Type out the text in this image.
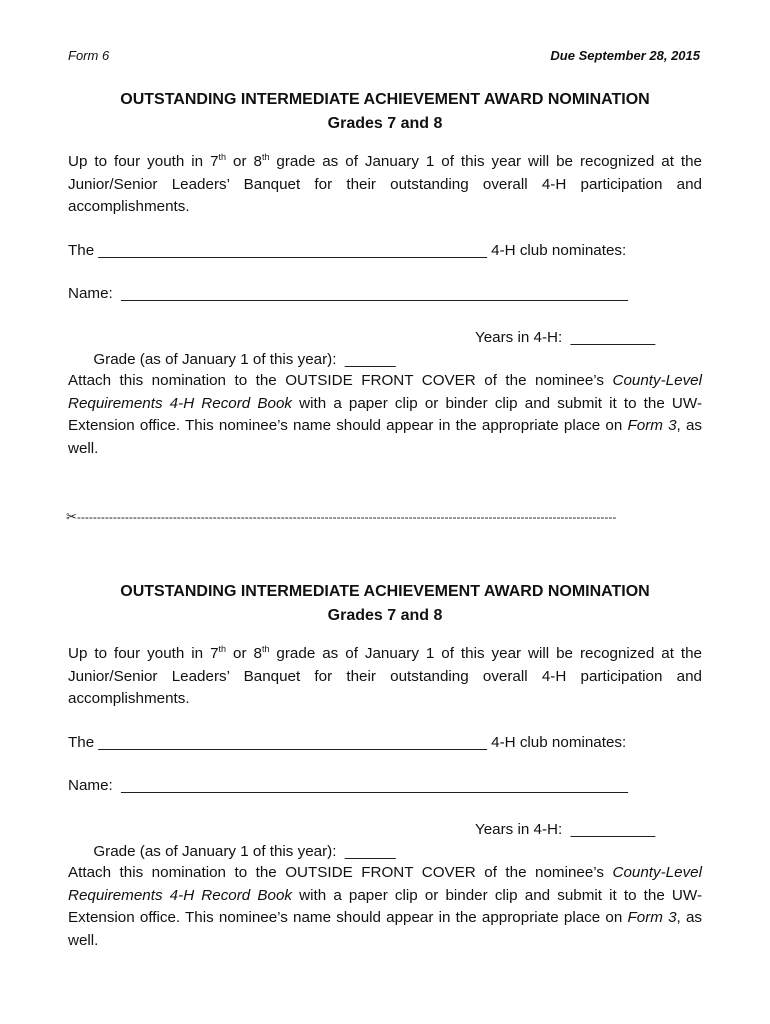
Form 6	Due September 28, 2015

OUTSTANDING INTERMEDIATE ACHIEVEMENT AWARD NOMINATION

Grades 7 and 8

Up to four youth in 7th or 8th grade as of January 1 of this year will be recognized at the Junior/Senior Leaders’ Banquet for their outstanding overall 4-H participation and accomplishments.

The ______________________________________________ 4-H club nominates:

Name:  ____________________________________________________________

Grade (as of January 1 of this year):  ______

Years in 4-H:  __________

Attach this nomination to the OUTSIDE FRONT COVER of the nominee’s County-Level Requirements 4-H Record Book with a paper clip or binder clip and submit it to the UW-Extension office. This nominee’s name should appear in the appropriate place on Form 3, as well.

✂---------------------------------------------------------------------------------------------------------------------------------------

OUTSTANDING INTERMEDIATE ACHIEVEMENT AWARD NOMINATION

Grades 7 and 8

Up to four youth in 7th or 8th grade as of January 1 of this year will be recognized at the Junior/Senior Leaders’ Banquet for their outstanding overall 4-H participation and accomplishments.

The ______________________________________________ 4-H club nominates:

Name:  ____________________________________________________________

Grade (as of January 1 of this year):  ______

Years in 4-H:  __________

Attach this nomination to the OUTSIDE FRONT COVER of the nominee’s County-Level Requirements 4-H Record Book with a paper clip or binder clip and submit it to the UW-Extension office. This nominee’s name should appear in the appropriate place on Form 3, as well.
